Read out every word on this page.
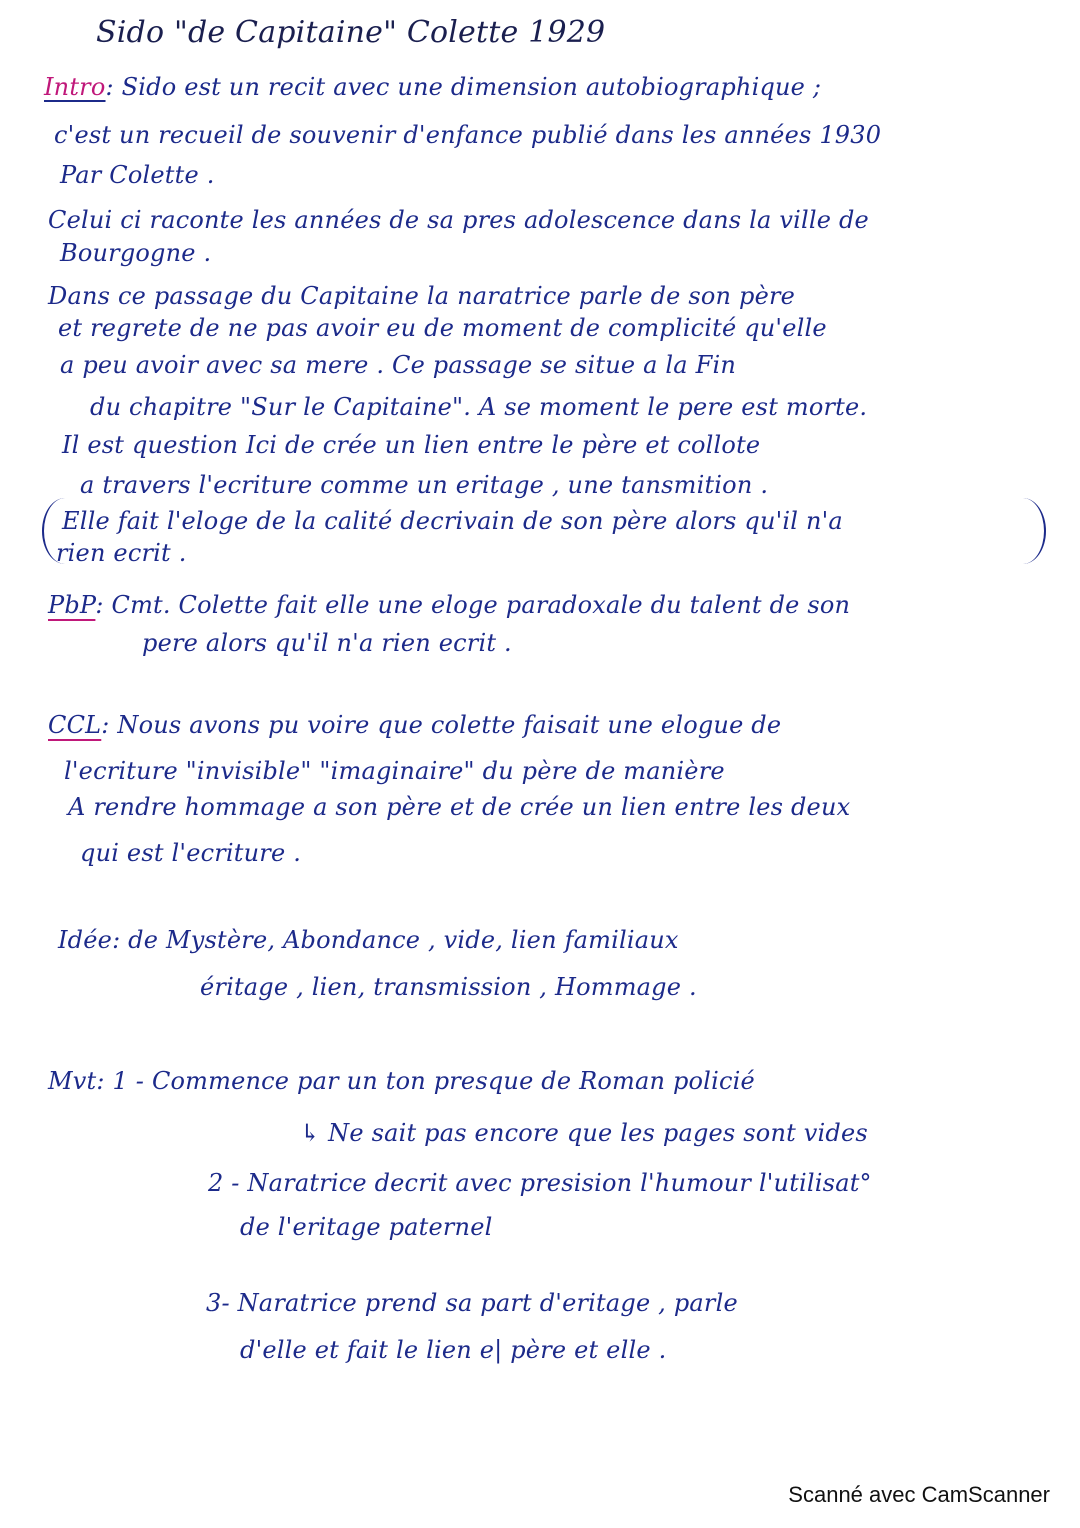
Sido "de Capitaine" Colette 1929
Intro: Sido est un recit avec une dimension autobiographique ;
c'est un recueil de souvenir d'enfance publié dans les années 1930
Par Colette .
Celui ci raconte les années de sa pres adolescence dans la ville de
Bourgogne .
Dans ce passage du Capitaine la naratrice parle de son père
et regrete de ne pas avoir eu de moment de complicité qu'elle
a peu avoir avec sa mere . Ce passage se situe a la Fin
du chapitre "Sur le Capitaine". A se moment le pere est morte.
Il est question Ici de crée un lien entre le père et collote
a travers l'ecriture comme un eritage , une tansmition .
Elle fait l'eloge de la calité decrivain de son père alors qu'il n'a
rien ecrit .
PbP: Cmt. Colette fait elle une eloge paradoxale du talent de son
pere alors qu'il n'a rien ecrit .
CCL: Nous avons pu voire que colette faisait une elogue de
l'ecriture "invisible" "imaginaire" du père de manière
A rendre hommage a son père et de crée un lien entre les deux
qui est l'ecriture .
Idée: de Mystère, Abondance , vide, lien familiaux
éritage , lien, transmission , Hommage .
Mvt: 1 - Commence par un ton presque de Roman policié
↳ Ne sait pas encore que les pages sont vides
2 - Naratrice decrit avec presision l'humour l'utilisat°
de l'eritage paternel
3- Naratrice prend sa part d'eritage , parle
d'elle et fait le lien e| père et elle .
Scanné avec CamScanner
